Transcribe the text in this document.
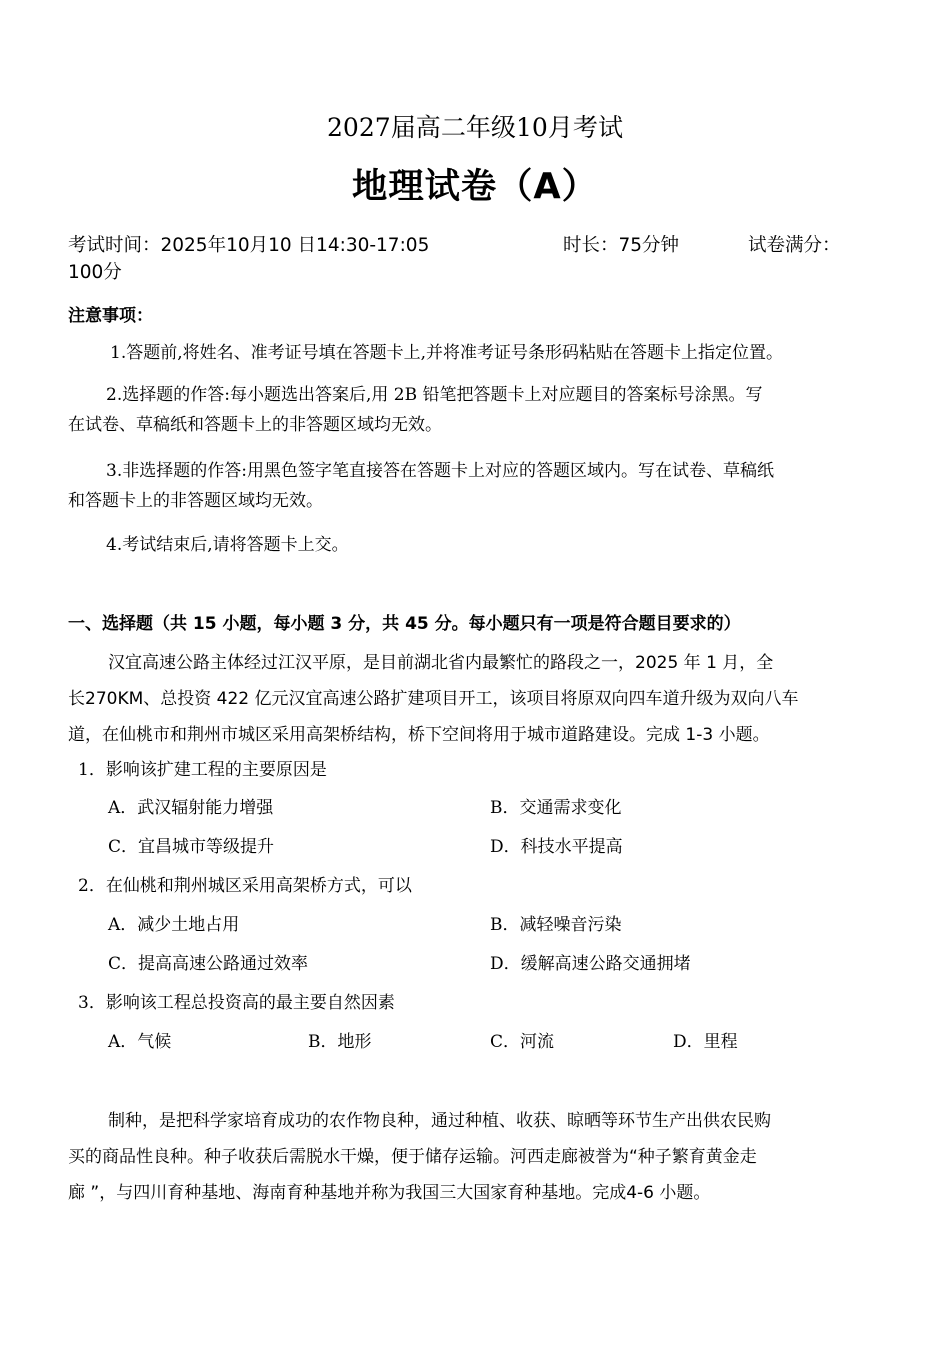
2027届高二年级10月考试
地理试卷（A）
考试时间：2025年10月10 日14:30-17:05	时长：75分钟	试卷满分：
100分
注意事项：
1.答题前,将姓名、准考证号填在答题卡上,并将准考证号条形码粘贴在答题卡上指定位置。
2.选择题的作答:每小题选出答案后,用 2B 铅笔把答题卡上对应题目的答案标号涂黑。写
在试卷、草稿纸和答题卡上的非答题区域均无效。
3.非选择题的作答:用黑色签字笔直接答在答题卡上对应的答题区域内。写在试卷、草稿纸
和答题卡上的非答题区域均无效。
4.考试结束后,请将答题卡上交。
一、选择题（共 15 小题，每小题 3 分，共 45 分。每小题只有一项是符合题目要求的）
汉宜高速公路主体经过江汉平原，是目前湖北省内最繁忙的路段之一，2025 年 1 月，全
长270KM、总投资 422 亿元汉宜高速公路扩建项目开工，该项目将原双向四车道升级为双向八车
道，在仙桃市和荆州市城区采用高架桥结构，桥下空间将用于城市道路建设。完成 1-3 小题。
1．影响该扩建工程的主要原因是
A．武汉辐射能力增强	B．交通需求变化
C．宜昌城市等级提升	D．科技水平提高
2．在仙桃和荆州城区采用高架桥方式，可以
A．减少土地占用	B．减轻噪音污染
C．提高高速公路通过效率	D．缓解高速公路交通拥堵
3．影响该工程总投资高的最主要自然因素
A．气候	B．地形	C．河流	D．里程
制种，是把科学家培育成功的农作物良种，通过种植、收获、晾晒等环节生产出供农民购
买的商品性良种。种子收获后需脱水干燥，便于储存运输。河西走廊被誉为“种子繁育黄金走
廊 ”，与四川育种基地、海南育种基地并称为我国三大国家育种基地。完成4-6 小题。
